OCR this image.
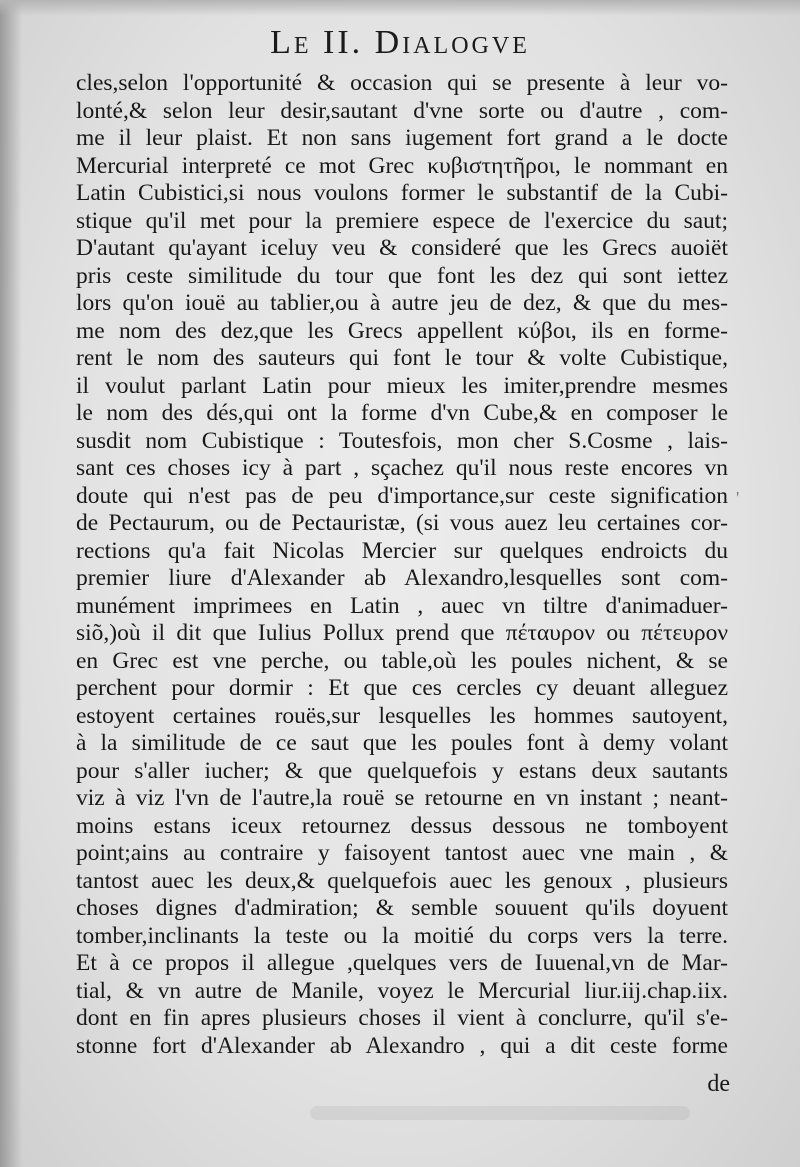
Le II. Dialogve
cles,selon l'opportunité & occasion qui se presente à leur vo-
lonté,& selon leur desir,sautant d'vne sorte ou d'autre , com-
me il leur plaist. Et non sans iugement fort grand a le docte
Mercurial interpreté ce mot Grec κυβιστητῆροι, le nommant en
Latin Cubistici,si nous voulons former le substantif de la Cubi-
stique qu'il met pour la premiere espece de l'exercice du saut;
D'autant qu'ayant iceluy veu & consideré que les Grecs auoiët
pris ceste similitude du tour que font les dez qui sont iettez
lors qu'on iouë au tablier,ou à autre jeu de dez, & que du mes-
me nom des dez,que les Grecs appellent κύβοι, ils en forme-
rent le nom des sauteurs qui font le tour & volte Cubistique,
il voulut parlant Latin pour mieux les imiter,prendre mesmes
le nom des dés,qui ont la forme d'vn Cube,& en composer le
susdit nom Cubistique : Toutesfois, mon cher S.Cosme , lais-
sant ces choses icy à part , sçachez qu'il nous reste encores vn
doute qui n'est pas de peu d'importance,sur ceste signification
de Pectaurum, ou de Pectauristæ, (si vous auez leu certaines cor-
rections qu'a fait Nicolas Mercier sur quelques endroicts du
premier liure d'Alexander ab Alexandro,lesquelles sont com-
munément imprimees en Latin , auec vn tiltre d'animaduer-
siõ,)où il dit que Iulius Pollux prend que πέταυρον ou πέτευρον
en Grec est vne perche, ou table,où les poules nichent, & se
perchent pour dormir : Et que ces cercles cy deuant alleguez
estoyent certaines rouës,sur lesquelles les hommes sautoyent,
à la similitude de ce saut que les poules font à demy volant
pour s'aller iucher; & que quelquefois y estans deux sautants
viz à viz l'vn de l'autre,la rouë se retourne en vn instant ; neant-
moins estans iceux retournez dessus dessous ne tomboyent
point;ains au contraire y faisoyent tantost auec vne main , &
tantost auec les deux,& quelquefois auec les genoux , plusieurs
choses dignes d'admiration; & semble souuent qu'ils doyuent
tomber,inclinants la teste ou la moitié du corps vers la terre.
Et à ce propos il allegue ,quelques vers de Iuuenal,vn de Mar-
tial, & vn autre de Manile, voyez le Mercurial liur.iij.chap.iix.
dont en fin apres plusieurs choses il vient à conclurre, qu'il s'e-
stonne fort d'Alexander ab Alexandro , qui a dit ceste forme
de
'
